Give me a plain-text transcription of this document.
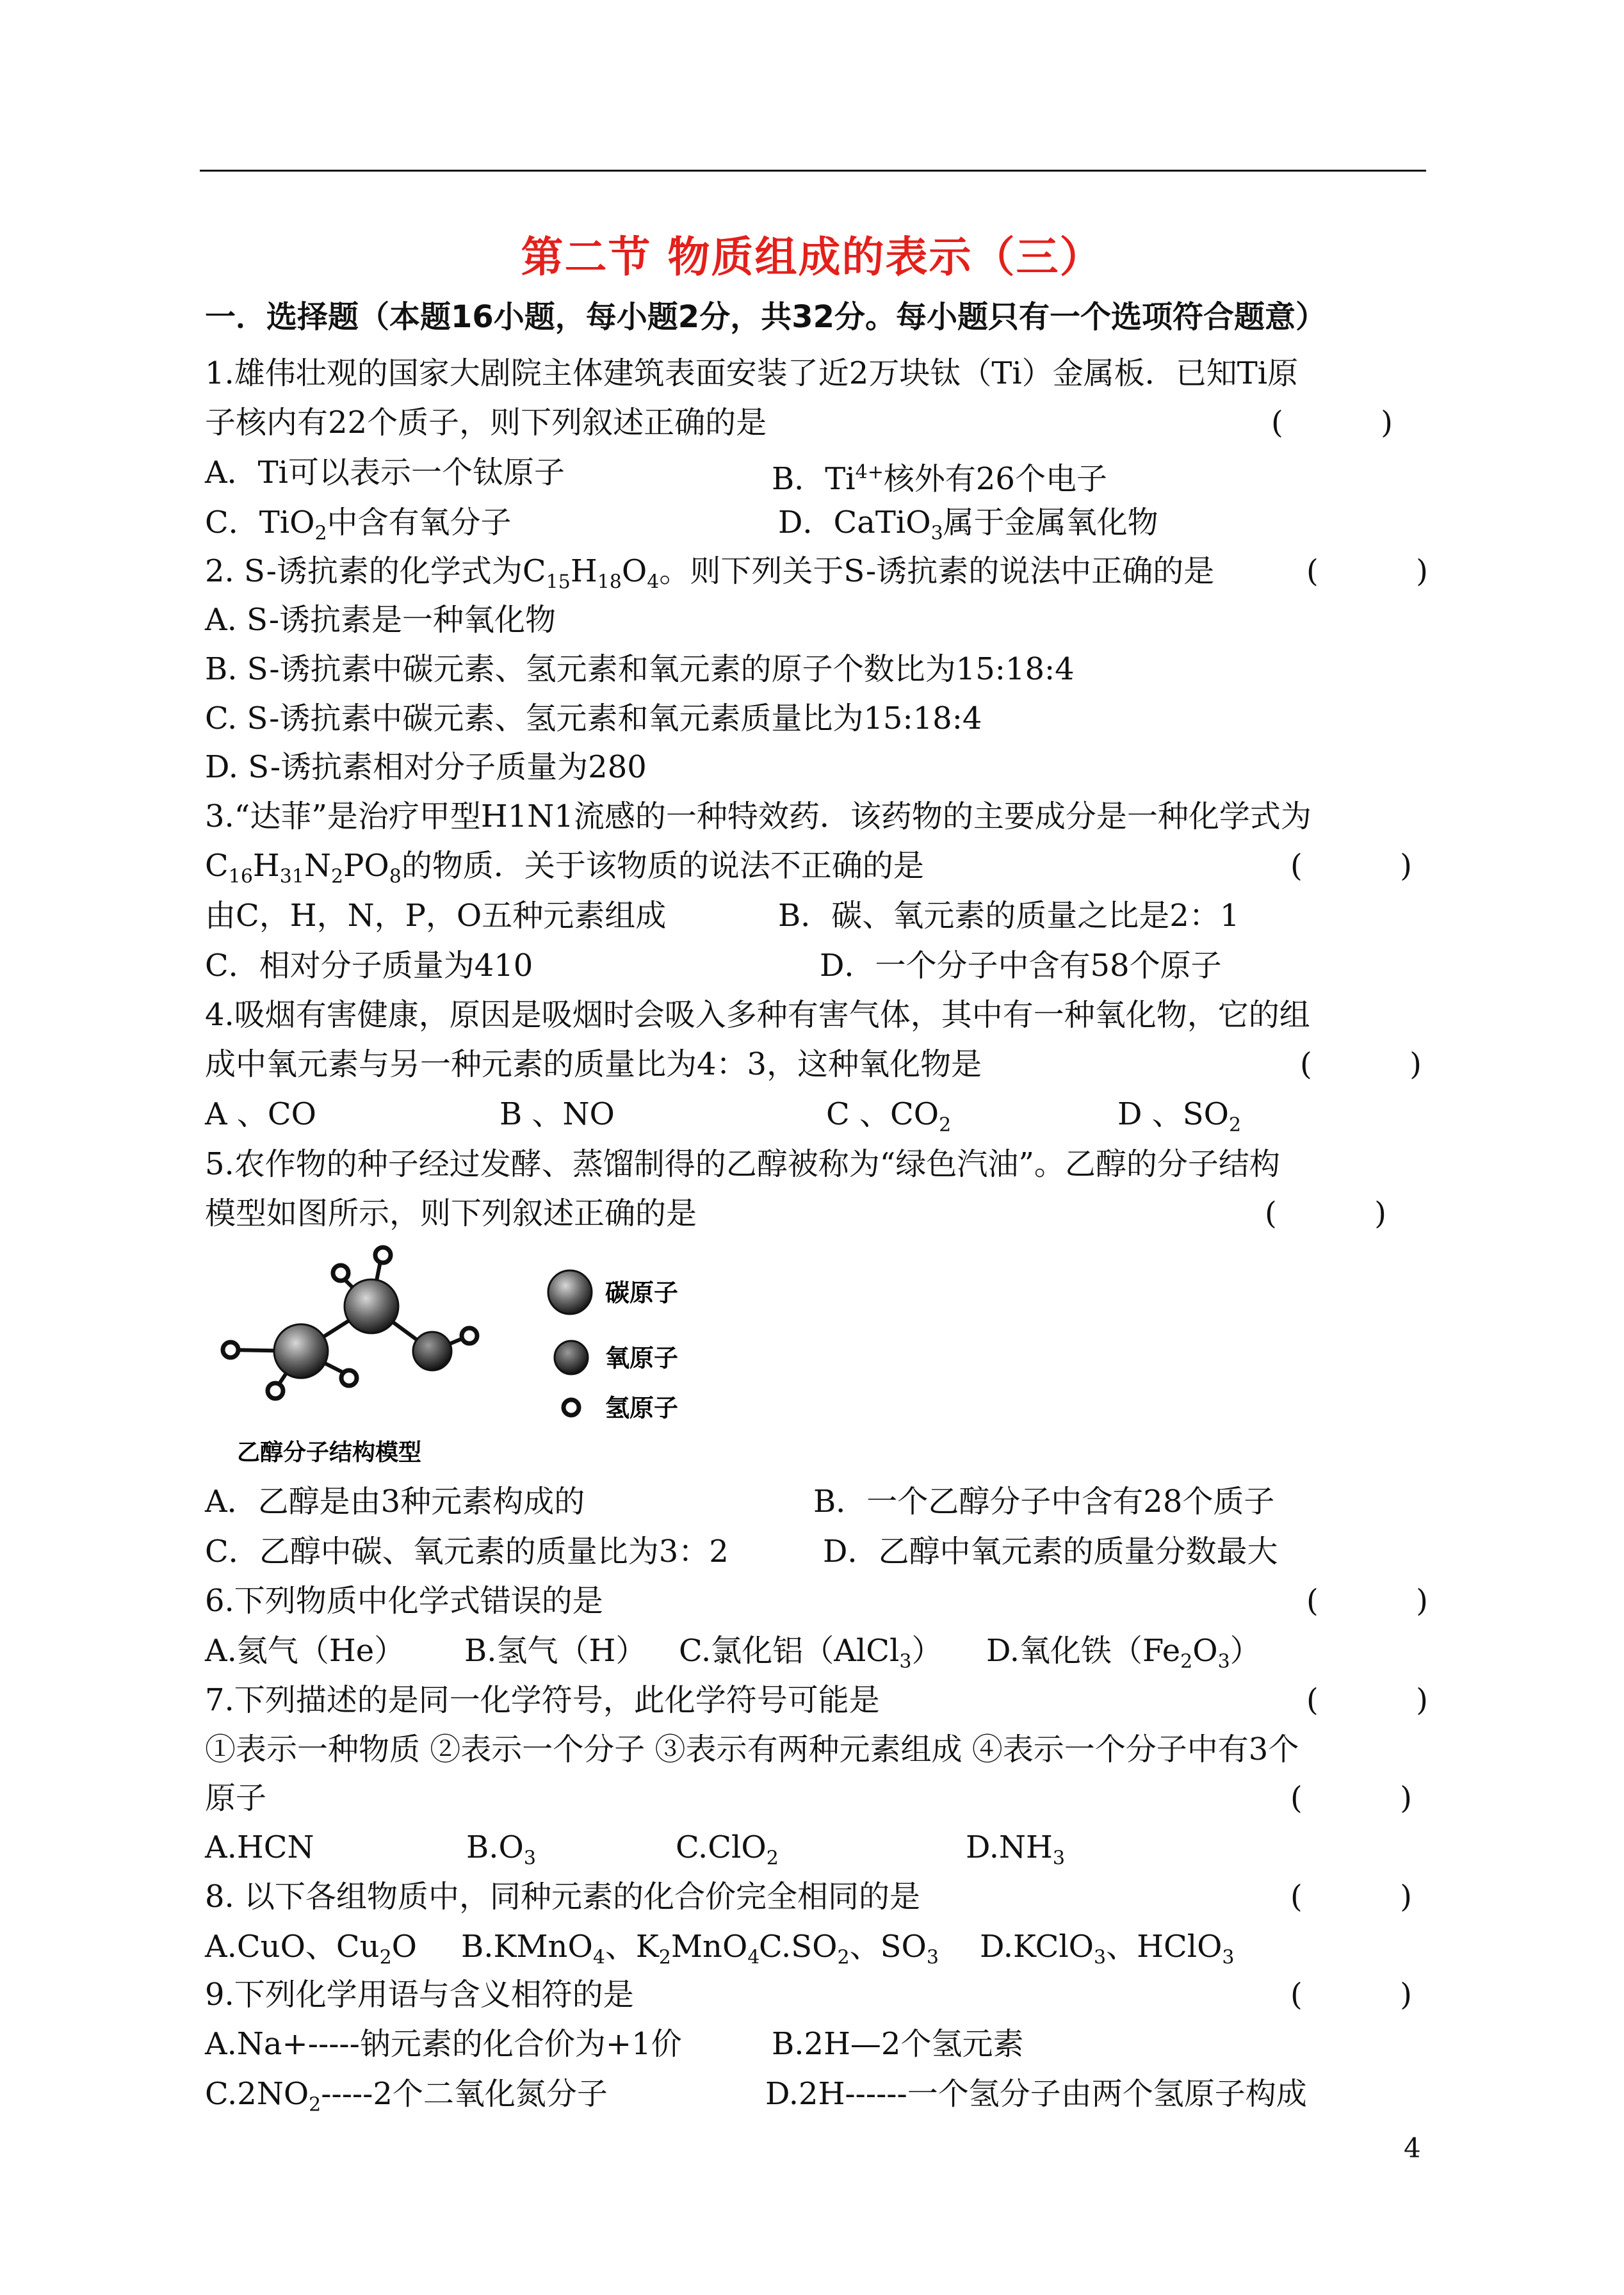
第二节 物质组成的表示（三）
一．选择题（本题16小题，每小题2分，共32分。每小题只有一个选项符合题意）
1.雄伟壮观的国家大剧院主体建筑表面安装了近2万块钛（Ti）金属板．已知Ti原
子核内有22个质子，则下列叙述正确的是	(          )
A．Ti可以表示一个钛原子	B．$Ti^{4+}$核外有26个电子
C．TiO$_2$中含有氧分子	D．CaTiO$_3$属于金属氧化物
2. S-诱抗素的化学式为$C_{15}H_{18}O_4$。则下列关于S-诱抗素的说法中正确的是	(          )
A. S-诱抗素是一种氧化物
B. S-诱抗素中碳元素、氢元素和氧元素的原子个数比为15:18:4
C. S-诱抗素中碳元素、氢元素和氧元素质量比为15:18:4
D. S-诱抗素相对分子质量为280
3.“达菲”是治疗甲型H1N1流感的一种特效药．该药物的主要成分是一种化学式为
$C_{16}H_{31}N_2PO_8$的物质．关于该物质的说法不正确的是	(          )
由C，H，N，P，O五种元素组成	B．碳、氧元素的质量之比是2：1
C．相对分子质量为410	D．一个分子中含有58个原子
4.吸烟有害健康，原因是吸烟时会吸入多种有害气体，其中有一种氧化物，它的组
成中氧元素与另一种元素的质量比为4：3，这种氧化物是	(          )
A 、CO	B 、NO	C 、$CO_2$	D 、$SO_2$
5.农作物的种子经过发酵、蒸馏制得的乙醇被称为“绿色汽油”。乙醇的分子结构
模型如图所示，则下列叙述正确的是	(          )
碳原子
氧原子
氢原子
乙醇分子结构模型
A．乙醇是由3种元素构成的	B．一个乙醇分子中含有28个质子
C．乙醇中碳、氧元素的质量比为3：2	D．乙醇中氧元素的质量分数最大
6.下列物质中化学式错误的是	(          )
A.氦气（He） B.氢气（H） C.氯化铝（AlCl$_3$） D.氧化铁$(Fe_2O_3)$
7.下列描述的是同一化学符号，此化学符号可能是	(          )
①表示一种物质 ②表示一个分子 ③表示有两种元素组成 ④表示一个分子中有3个
原子	(          )
A.HCN	$B.O_3$	C.ClO$_2$	$D.NH_3$
8. 以下各组物质中，同种元素的化合价完全相同的是	(          )
A.CuO、$Cu_2O$ B.KMnO$_4$、$K_2MnO_4$
$C.SO_2$、$SO_3$ D.KClO$_3$、HClO$_3$
9.下列化学用语与含义相符的是	(          )
A.Na+-----钠元素的化合价为+1价	B.2H—2个氢元素
$C.2NO_2-----2$个二氧化氮分子	D.2H------一个氢分子由两个氢原子构成
4
